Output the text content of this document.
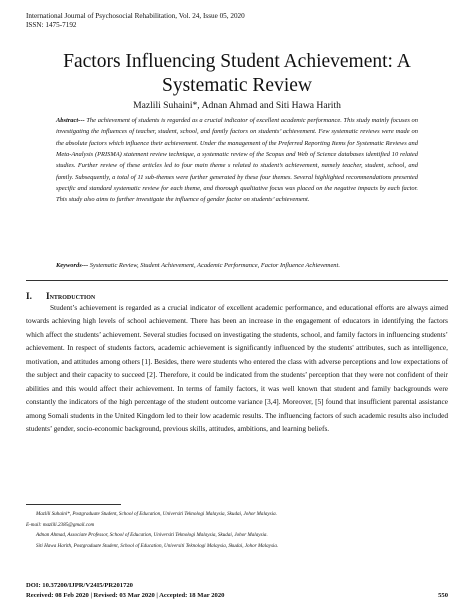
International Journal of Psychosocial Rehabilitation, Vol. 24, Issue 05, 2020
ISSN: 1475-7192
Factors Influencing Student Achievement: A
Systematic Review
Mazlili Suhaini*, Adnan Ahmad and Siti Hawa Harith
Abstract--- The achievement of students is regarded as a crucial indicator of excellent academic performance. This study mainly focuses on investigating the influences of teacher, student, school, and family factors on students’ achievement. Few systematic reviews were made on the absolute factors which influence their achievement. Under the management of the Preferred Reporting Items for Systematic Reviews and Meta-Analysis (PRISMA) statement review technique, a systematic review of the Scopus and Web of Science databases identified 10 related studies. Further review of these articles led to four main theme s related to student’s achievement, namely teacher, student, school, and family. Subsequently, a total of 11 sub-themes were further generated by these four themes. Several highlighted recommendations presented specific and standard systematic review for each theme, and thorough qualitative focus was placed on the negative impacts by each factor. This study also aims to further investigate the influence of gender factor on students’ achievement.
Keywords--- Systematic Review, Student Achievement, Academic Performance, Factor Influence Achievement.
I. Introduction
Student’s achievement is regarded as a crucial indicator of excellent academic performance, and educational efforts are always aimed towards achieving high levels of school achievement. There has been an increase in the engagement of educators in identifying the factors which affect the students’ achievement. Several studies focused on investigating the students, school, and family factors in influencing students’ achievement. In respect of students factors, academic achievement is significantly influenced by the students' attributes, such as intelligence, motivation, and attitudes among others [1]. Besides, there were students who entered the class with adverse perceptions and low expectations of the subject and their capacity to succeed [2]. Therefore, it could be indicated from the students’ perception that they were not confident of their abilities and this would affect their achievement. In terms of family factors, it was well known that student and family backgrounds were constantly the indicators of the high percentage of the student outcome variance [3,4]. Moreover, [5] found that insufficient parental assistance among Somali students in the United Kingdom led to their low academic results. The influencing factors of such academic results also included students’ gender, socio-economic background, previous skills, attitudes, ambitions, and learning beliefs.
Mazlili Suhaini*, Postgraduate Student, School of Education, Universiti Teknologi Malaysia, Skudai, Johor Malaysia.
E-mail: mazlili.2385@gmail.com
Adnan Ahmad, Associate Professor, School of Education, Universiti Teknologi Malaysia, Skudai, Johor Malaysia.
Siti Hawa Harith, Postgraduate Student, School of Education, Universiti Teknologi Malaysia, Skudai, Johor Malaysia.
DOI: 10.37200/IJPR/V24I5/PR201720
Received: 08 Feb 2020 | Revised: 03 Mar 2020 | Accepted: 18 Mar 2020	550
